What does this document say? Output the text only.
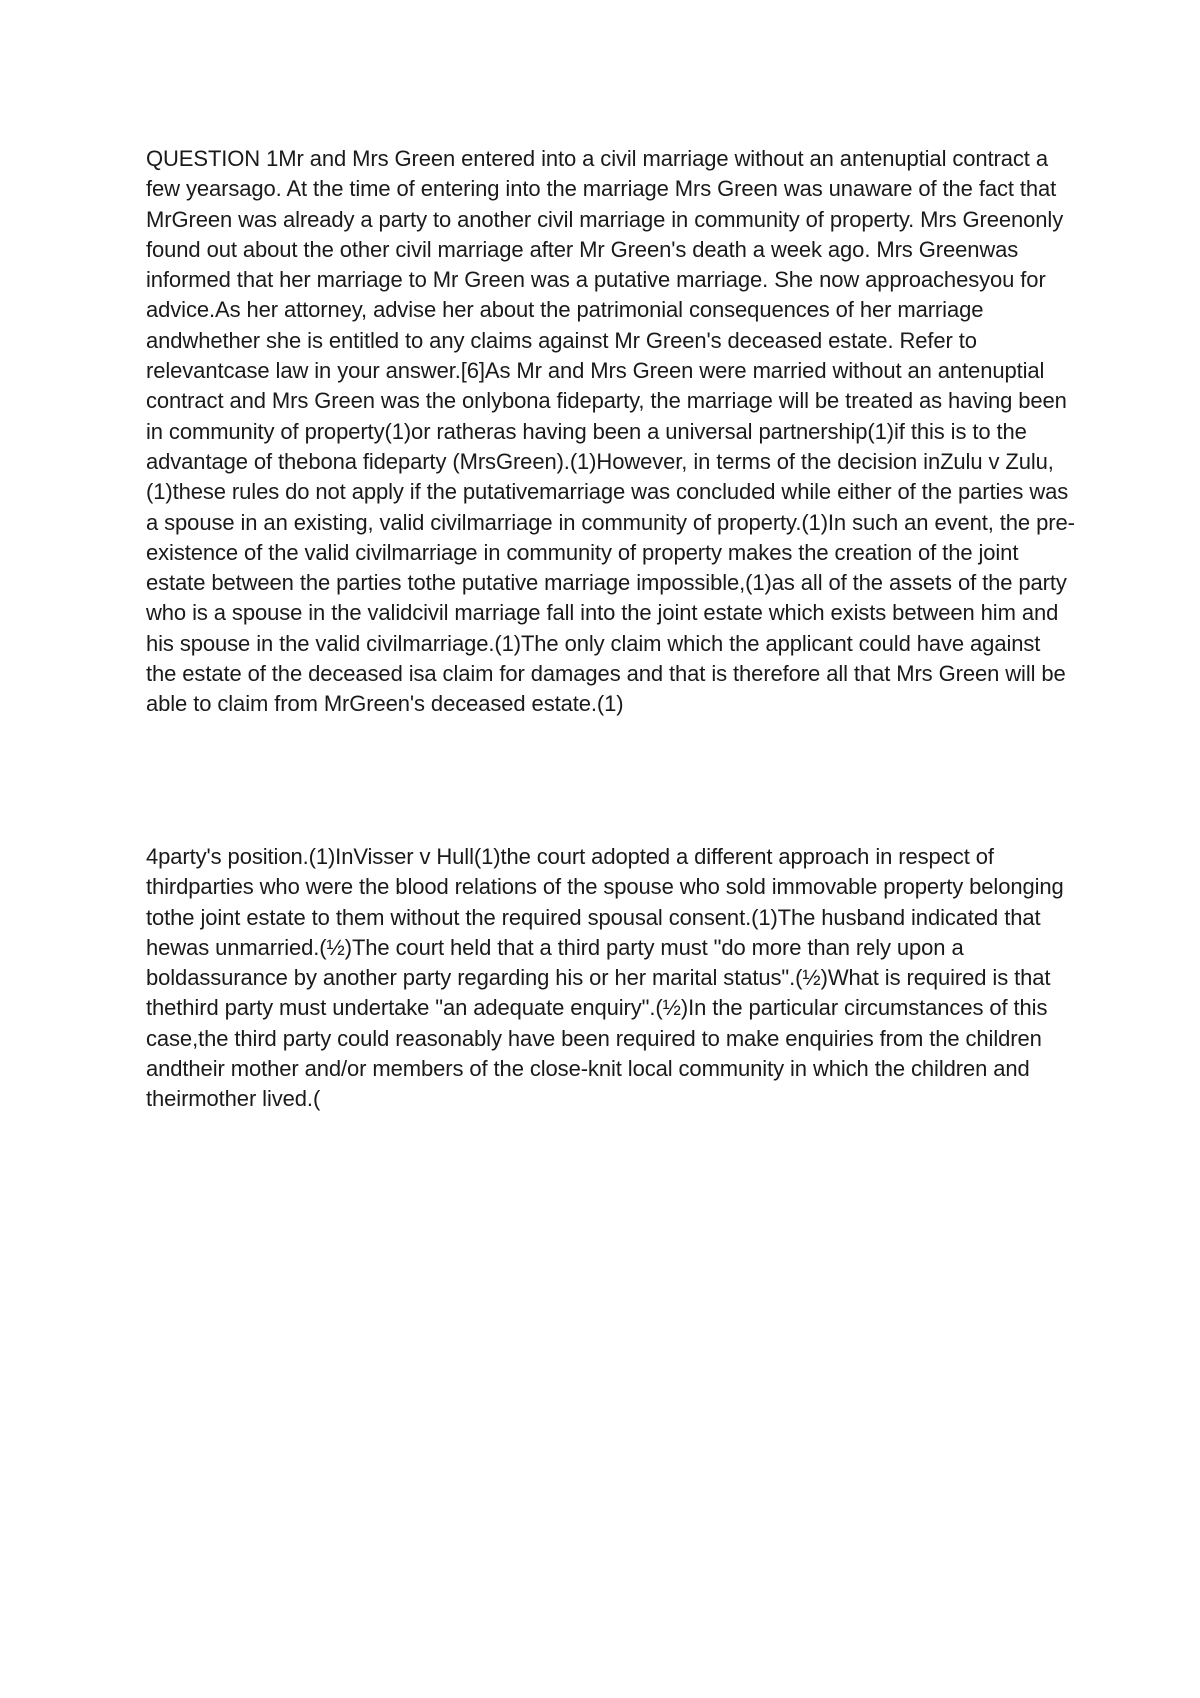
QUESTION 1Mr and Mrs Green entered into a civil marriage without an antenuptial contract a few yearsago. At the time of entering into the marriage Mrs Green was unaware of the fact that MrGreen was already a party to another civil marriage in community of property. Mrs Greenonly found out about the other civil marriage after Mr Green's death a week ago. Mrs Greenwas informed that her marriage to Mr Green was a putative marriage. She now approachesyou for advice.As her attorney, advise her about the patrimonial consequences of her marriage andwhether she is entitled to any claims against Mr Green's deceased estate. Refer to relevantcase law in your answer.[6]As Mr and Mrs Green were married without an antenuptial contract and Mrs Green was the onlybona fideparty, the marriage will be treated as having been in community of property(1)or ratheras having been a universal partnership(1)if this is to the advantage of thebona fideparty (MrsGreen).(1)However, in terms of the decision inZulu v Zulu,(1)these rules do not apply if the putativemarriage was concluded while either of the parties was a spouse in an existing, valid civilmarriage in community of property.(1)In such an event, the pre-existence of the valid civilmarriage in community of property makes the creation of the joint estate between the parties tothe putative marriage impossible,(1)as all of the assets of the party who is a spouse in the validcivil marriage fall into the joint estate which exists between him and his spouse in the valid civilmarriage.(1)The only claim which the applicant could have against the estate of the deceased isa claim for damages and that is therefore all that Mrs Green will be able to claim from MrGreen's deceased estate.(1)

4party's position.(1)InVisser v Hull(1)the court adopted a different approach in respect of thirdparties who were the blood relations of the spouse who sold immovable property belonging tothe joint estate to them without the required spousal consent.(1)The husband indicated that hewas unmarried.(½)The court held that a third party must "do more than rely upon a boldassurance by another party regarding his or her marital status".(½)What is required is that thethird party must undertake "an adequate enquiry".(½)In the particular circumstances of this case,the third party could reasonably have been required to make enquiries from the children andtheir mother and/or members of the close-knit local community in which the children and theirmother lived.(
